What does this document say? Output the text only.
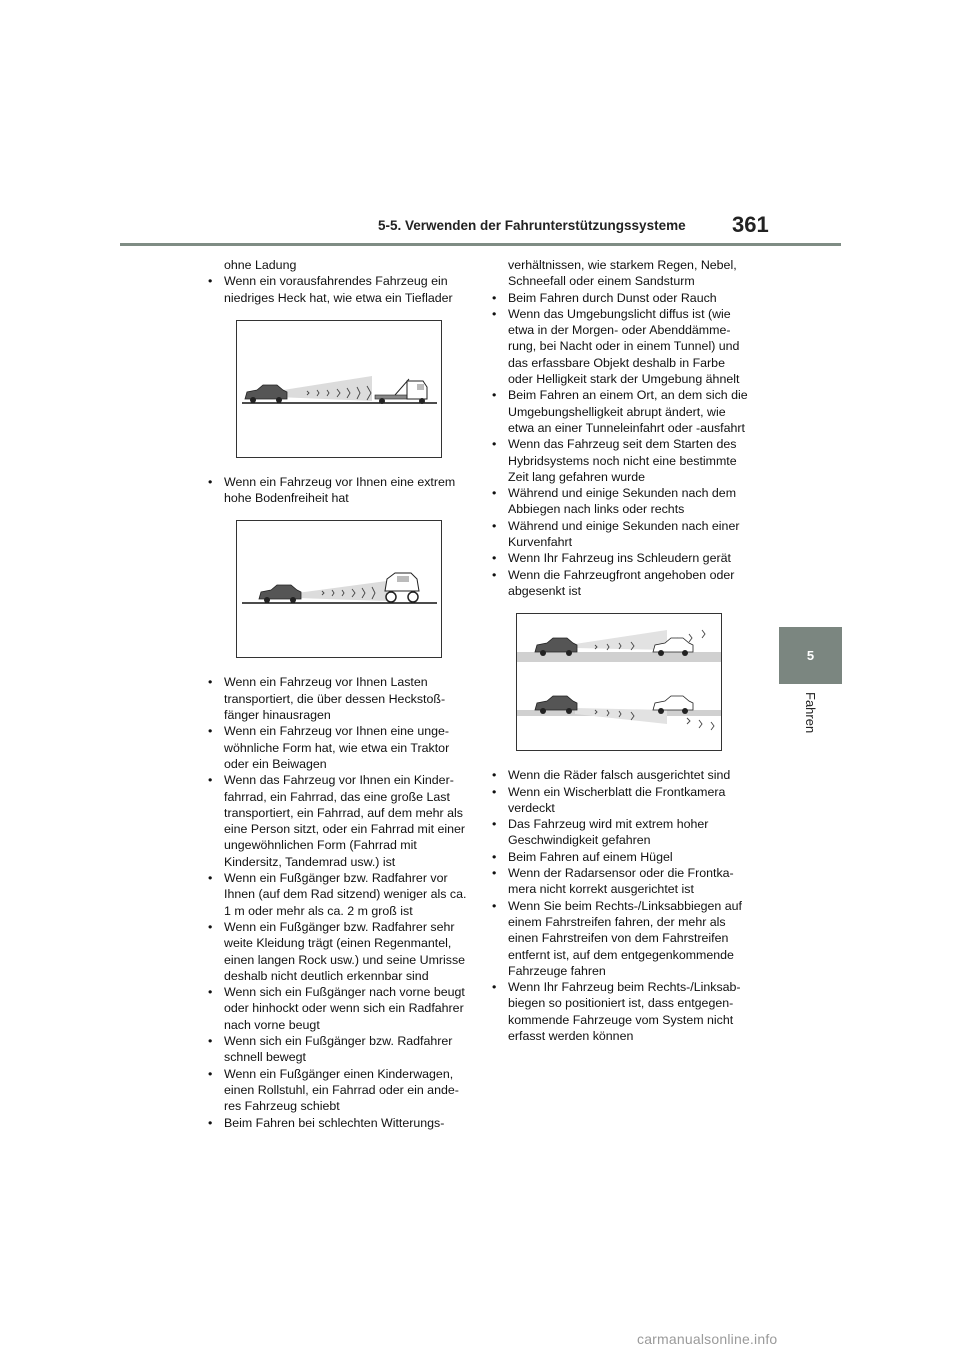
5-5. Verwenden der Fahrunterstützungssysteme 361
5
Fahren

ohne Ladung

• Wenn ein vorausfahrendes Fahrzeug ein niedriges Heck hat, wie etwa ein Tieflader

• Wenn ein Fahrzeug vor Ihnen eine extrem hohe Bodenfreiheit hat

• Wenn ein Fahrzeug vor Ihnen Lasten transportiert, die über dessen Heckstoß-fänger hinausragen

• Wenn ein Fahrzeug vor Ihnen eine unge-wöhnliche Form hat, wie etwa ein Traktor oder ein Beiwagen

• Wenn das Fahrzeug vor Ihnen ein Kinder-fahrrad, ein Fahrrad, das eine große Last transportiert, ein Fahrrad, auf dem mehr als eine Person sitzt, oder ein Fahrrad mit einer ungewöhnlichen Form (Fahrrad mit Kindersitz, Tandemrad usw.) ist

• Wenn ein Fußgänger bzw. Radfahrer vor Ihnen (auf dem Rad sitzend) weniger als ca. 1 m oder mehr als ca. 2 m groß ist

• Wenn ein Fußgänger bzw. Radfahrer sehr weite Kleidung trägt (einen Regenmantel, einen langen Rock usw.) und seine Umrisse deshalb nicht deutlich erkennbar sind

• Wenn sich ein Fußgänger nach vorne beugt oder hinhockt oder wenn sich ein Radfahrer nach vorne beugt

• Wenn sich ein Fußgänger bzw. Radfahrer schnell bewegt

• Wenn ein Fußgänger einen Kinderwagen, einen Rollstuhl, ein Fahrrad oder ein ande-res Fahrzeug schiebt

• Beim Fahren bei schlechten Witterungs-

verhältnissen, wie starkem Regen, Nebel, Schneefall oder einem Sandsturm

• Beim Fahren durch Dunst oder Rauch

• Wenn das Umgebungslicht diffus ist (wie etwa in der Morgen- oder Abenddämme-rung, bei Nacht oder in einem Tunnel) und das erfassbare Objekt deshalb in Farbe oder Helligkeit stark der Umgebung ähnelt

• Beim Fahren an einem Ort, an dem sich die Umgebungshelligkeit abrupt ändert, wie etwa an einer Tunneleinfahrt oder -ausfahrt

• Wenn das Fahrzeug seit dem Starten des Hybridsystems noch nicht eine bestimmte Zeit lang gefahren wurde

• Während und einige Sekunden nach dem Abbiegen nach links oder rechts

• Während und einige Sekunden nach einer Kurvenfahrt

• Wenn Ihr Fahrzeug ins Schleudern gerät

• Wenn die Fahrzeugfront angehoben oder abgesenkt ist

• Wenn die Räder falsch ausgerichtet sind

• Wenn ein Wischerblatt die Frontkamera verdeckt

• Das Fahrzeug wird mit extrem hoher Geschwindigkeit gefahren

• Beim Fahren auf einem Hügel

• Wenn der Radarsensor oder die Frontka-mera nicht korrekt ausgerichtet ist

• Wenn Sie beim Rechts-/Linksabbiegen auf einem Fahrstreifen fahren, der mehr als einen Fahrstreifen von dem Fahrstreifen entfernt ist, auf dem entgegenkommende Fahrzeuge fahren

• Wenn Ihr Fahrzeug beim Rechts-/Linksab-biegen so positioniert ist, dass entgegen-kommende Fahrzeuge vom System nicht erfasst werden können

carmanualsonline.info
